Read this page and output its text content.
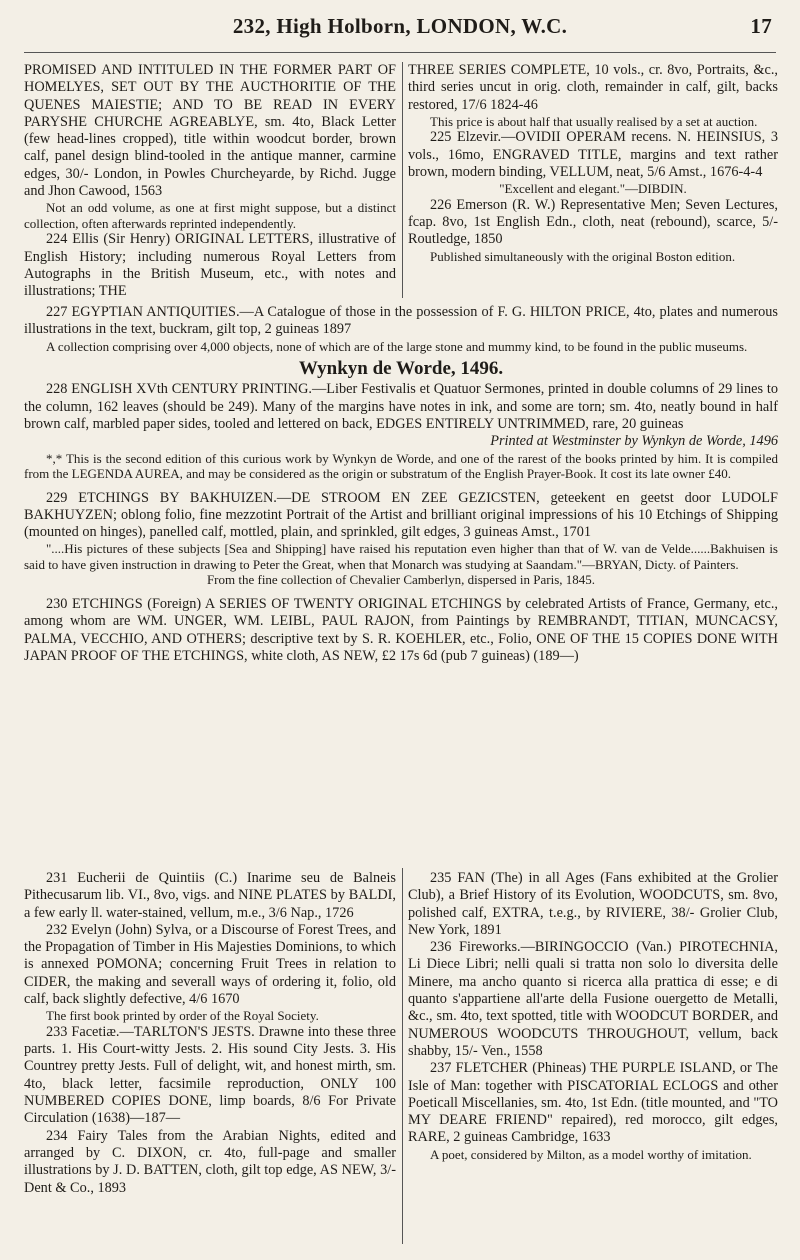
232, High Holborn, LONDON, W.C.	17

PROMISED AND INTITULED IN THE FORMER PART OF HOMELYES, SET OUT BY THE AUCTHORITIE OF THE QUENES MAIESTIE; AND TO BE READ IN EVERY PARYSHE CHURCHE AGREABLYE, sm. 4to, Black Letter (few head-lines cropped), title within woodcut border, brown calf, panel design blind-tooled in the antique manner, carmine edges, 30/- London, in Powles Churcheyarde, by Richd. Jugge and Jhon Cawood, 1563

Not an odd volume, as one at first might suppose, but a distinct collection, often afterwards reprinted independently.

224 Ellis (Sir Henry) ORIGINAL LETTERS, illustrative of English History; including numerous Royal Letters from Autographs in the British Museum, etc., with notes and illustrations; THE

THREE SERIES COMPLETE, 10 vols., cr. 8vo, Portraits, &c., third series uncut in orig. cloth, remainder in calf, gilt, backs restored, 17/6 1824-46

This price is about half that usually realised by a set at auction.

225 Elzevir.—OVIDII OPERAM recens. N. HEINSIUS, 3 vols., 16mo, ENGRAVED TITLE, margins and text rather brown, modern binding, VELLUM, neat, 5/6 Amst., 1676-4-4

"Excellent and elegant."—DIBDIN.

226 Emerson (R. W.) Representative Men; Seven Lectures, fcap. 8vo, 1st English Edn., cloth, neat (rebound), scarce, 5/- Routledge, 1850

Published simultaneously with the original Boston edition.

227 EGYPTIAN ANTIQUITIES.—A Catalogue of those in the possession of F. G. HILTON PRICE, 4to, plates and numerous illustrations in the text, buckram, gilt top, 2 guineas 1897

A collection comprising over 4,000 objects, none of which are of the large stone and mummy kind, to be found in the public museums.

Wynkyn de Worde, 1496.

228 ENGLISH XVth CENTURY PRINTING.—Liber Festivalis et Quatuor Sermones, printed in double columns of 29 lines to the column, 162 leaves (should be 249). Many of the margins have notes in ink, and some are torn; sm. 4to, neatly bound in half brown calf, marbled paper sides, tooled and lettered on back, EDGES ENTIRELY UNTRIMMED, rare, 20 guineas

Printed at Westminster by Wynkyn de Worde, 1496

*,* This is the second edition of this curious work by Wynkyn de Worde, and one of the rarest of the books printed by him. It is compiled from the LEGENDA AUREA, and may be considered as the origin or substratum of the English Prayer-Book. It cost its late owner £40.

229 ETCHINGS BY BAKHUIZEN.—DE STROOM EN ZEE GEZICSTEN, geteekent en geetst door LUDOLF BAKHUYZEN; oblong folio, fine mezzotint Portrait of the Artist and brilliant original impressions of his 10 Etchings of Shipping (mounted on hinges), panelled calf, mottled, plain, and sprinkled, gilt edges, 3 guineas Amst., 1701

"....His pictures of these subjects [Sea and Shipping] have raised his reputation even higher than that of W. van de Velde......Bakhuisen is said to have given instruction in drawing to Peter the Great, when that Monarch was studying at Saandam."—BRYAN, Dicty. of Painters.

From the fine collection of Chevalier Camberlyn, dispersed in Paris, 1845.

230 ETCHINGS (Foreign) A SERIES OF TWENTY ORIGINAL ETCHINGS by celebrated Artists of France, Germany, etc., among whom are WM. UNGER, WM. LEIBL, PAUL RAJON, from Paintings by REMBRANDT, TITIAN, MUNCACSY, PALMA, VECCHIO, AND OTHERS; descriptive text by S. R. KOEHLER, etc., Folio, ONE OF THE 15 COPIES DONE WITH JAPAN PROOF OF THE ETCHINGS, white cloth, AS NEW, £2 17s 6d (pub 7 guineas) (189—)

231 Eucherii de Quintiis (C.) Inarime seu de Balneis Pithecusarum lib. VI., 8vo, vigs. and NINE PLATES by BALDI, a few early ll. water-stained, vellum, m.e., 3/6 Nap., 1726

232 Evelyn (John) Sylva, or a Discourse of Forest Trees, and the Propagation of Timber in His Majesties Dominions, to which is annexed POMONA; concerning Fruit Trees in relation to CIDER, the making and severall ways of ordering it, folio, old calf, back slightly defective, 4/6 1670

The first book printed by order of the Royal Society.

233 Facetiæ.—TARLTON'S JESTS. Drawne into these three parts. 1. His Court-witty Jests. 2. His sound City Jests. 3. His Countrey pretty Jests. Full of delight, wit, and honest mirth, sm. 4to, black letter, facsimile reproduction, ONLY 100 NUMBERED COPIES DONE, limp boards, 8/6 For Private Circulation (1638)—187—

234 Fairy Tales from the Arabian Nights, edited and arranged by C. DIXON, cr. 4to, full-page and smaller illustrations by J. D. BATTEN, cloth, gilt top edge, AS NEW, 3/- Dent & Co., 1893

235 FAN (The) in all Ages (Fans exhibited at the Grolier Club), a Brief History of its Evolution, WOODCUTS, sm. 8vo, polished calf, EXTRA, t.e.g., by RIVIERE, 38/- Grolier Club, New York, 1891

236 Fireworks.—BIRINGOCCIO (Van.) PIROTECHNIA, Li Diece Libri; nelli quali si tratta non solo lo diversita delle Minere, ma ancho quanto si ricerca alla prattica di esse; e di quanto s'appartiene all'arte della Fusione ouergetto de Metalli, &c., sm. 4to, text spotted, title with WOODCUT BORDER, and NUMEROUS WOODCUTS THROUGHOUT, vellum, back shabby, 15/- Ven., 1558

237 FLETCHER (Phineas) THE PURPLE ISLAND, or The Isle of Man: together with PISCATORIAL ECLOGS and other Poeticall Miscellanies, sm. 4to, 1st Edn. (title mounted, and "TO MY DEARE FRIEND" repaired), red morocco, gilt edges, RARE, 2 guineas Cambridge, 1633

A poet, considered by Milton, as a model worthy of imitation.
